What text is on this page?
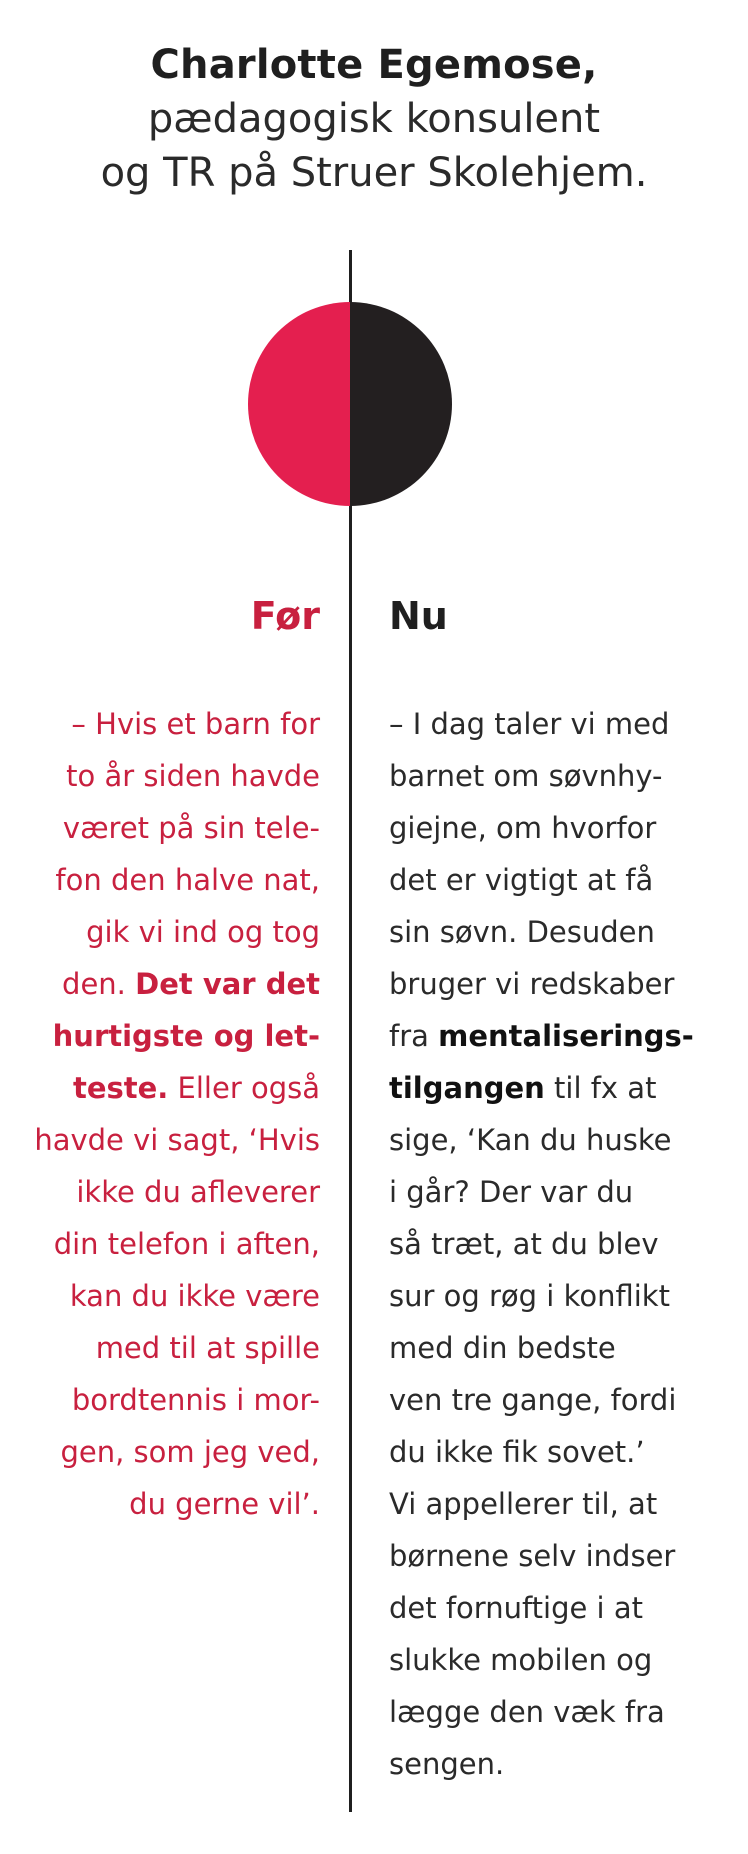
Charlotte Egemose,
pædagogisk konsulent
og TR på Struer Skolehjem.
Før Nu
– Hvis et barn for
to år siden havde
været på sin tele-
fon den halve nat,
gik vi ind og tog
den. Det var det
hurtigste og let-
teste. Eller også
havde vi sagt, ‘Hvis
ikke du afleverer
din telefon i aften,
kan du ikke være
med til at spille
bordtennis i mor-
gen, som jeg ved,
du gerne vil’.
– I dag taler vi med
barnet om søvnhy-
giejne, om hvorfor
det er vigtigt at få
sin søvn. Desuden
bruger vi redskaber
fra mentaliserings-
tilgangen til fx at
sige, ‘Kan du huske
i går? Der var du
så træt, at du blev
sur og røg i konflikt
med din bedste
ven tre gange, fordi
du ikke fik sovet.’
Vi appellerer til, at
børnene selv indser
det fornuftige i at
slukke mobilen og
lægge den væk fra
sengen.
